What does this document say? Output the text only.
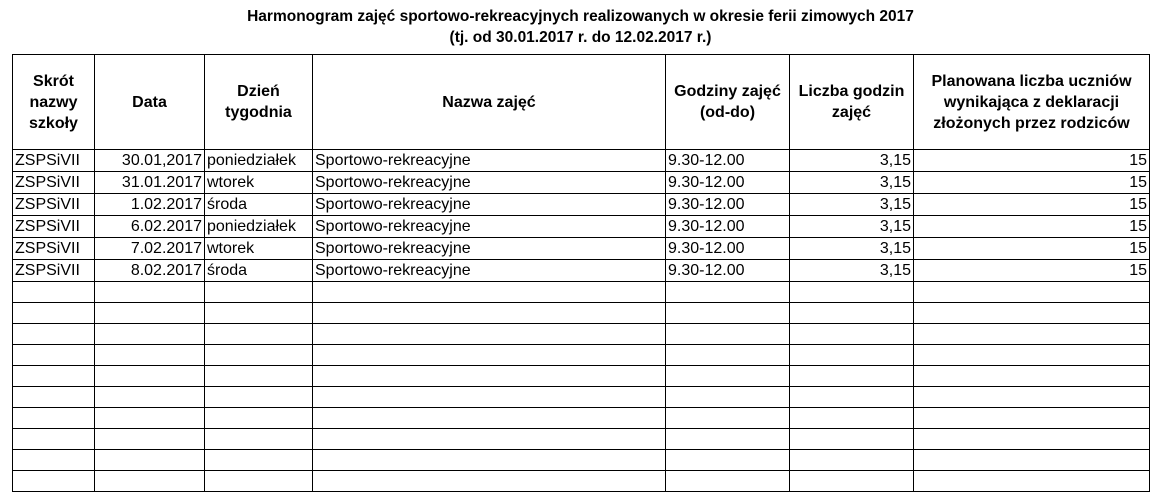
Harmonogram zajęć sportowo-rekreacyjnych realizowanych w okresie ferii zimowych 2017
(tj. od 30.01.2017 r. do 12.02.2017 r.)
Skrót nazwy szkoły	Data	Dzień tygodnia	Nazwa zajęć	Godziny zajęć (od-do)	Liczba godzin zajęć	Planowana liczba uczniów wynikająca z deklaracji złożonych przez rodziców
ZSPSiVII	30.01,2017	poniedziałek	Sportowo-rekreacyjne	9.30-12.00	3,15	15
ZSPSiVII	31.01.2017	wtorek	Sportowo-rekreacyjne	9.30-12.00	3,15	15
ZSPSiVII	1.02.2017	środa	Sportowo-rekreacyjne	9.30-12.00	3,15	15
ZSPSiVII	6.02.2017	poniedziałek	Sportowo-rekreacyjne	9.30-12.00	3,15	15
ZSPSiVII	7.02.2017	wtorek	Sportowo-rekreacyjne	9.30-12.00	3,15	15
ZSPSiVII	8.02.2017	środa	Sportowo-rekreacyjne	9.30-12.00	3,15	15
